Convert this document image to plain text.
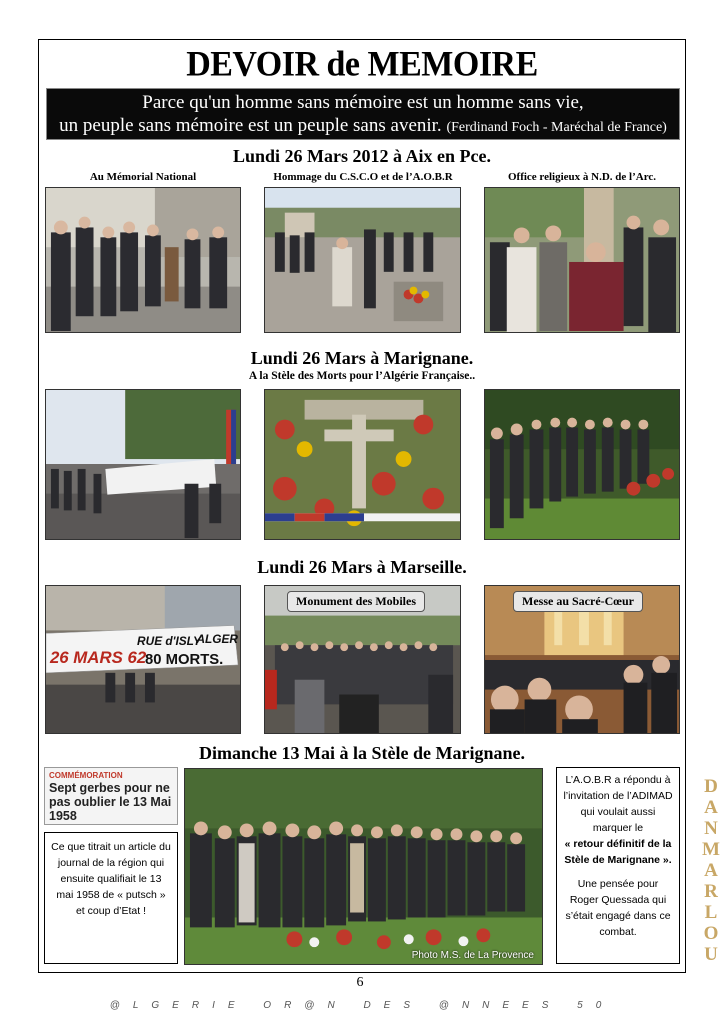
DEVOIR de MEMOIRE
Parce qu'un homme sans mémoire est un homme sans vie,
un peuple sans mémoire est un peuple sans avenir. (Ferdinand Foch - Maréchal de France)
Lundi 26 Mars 2012 à Aix en Pce.
Au Mémorial National	Hommage du C.S.C.O et de l’A.O.B.R	Office religieux à N.D. de l’Arc.
Lundi 26 Mars à Marignane.
A la Stèle des Morts pour l’Algérie Française..
Lundi 26 Mars à Marseille.
26 MARS 62
RUE d'ISLY
ALGER
80 MORTS.
Monument des Mobiles	Messe au Sacré-Cœur
Dimanche 13 Mai à la Stèle de Marignane.
COMMÉMORATION
Sept gerbes pour ne pas oublier le 13 Mai 1958
Ce que titrait un article du journal de la région qui ensuite qualifiait le 13 mai 1958 de « putsch » et coup d’Etat !
Photo M.S. de La Provence
L’A.O.B.R a répondu à l’invitation de l’ADIMAD qui voulait aussi marquer le
« retour définitif de la Stèle de Marignane ».
Une pensée pour Roger Quessada qui s’était engagé dans ce combat.
DANMARLOU
6
@LGERIE OR@N DES @NNEES 50
